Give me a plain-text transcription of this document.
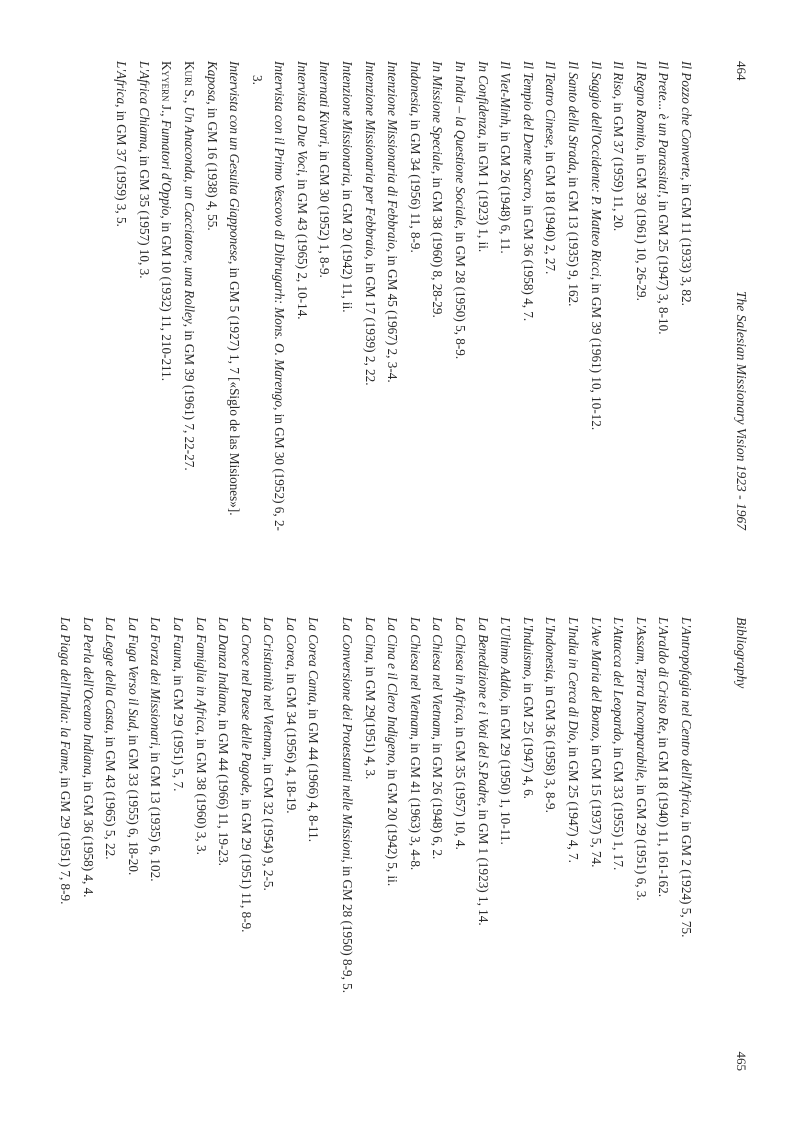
464
The Salesian Missionary Vision 1923 - 1967
Il Pozzo che Converte, in GM 11 (1933) 3, 82.
Il Prete... è un Parassita!, in GM 25 (1947) 3, 8-10.
Il Regno Romito, in GM 39 (1961) 10, 26-29.
Il Riso, in GM 37 (1959) 11, 20.
Il Saggio dell'Occidente: P. Matteo Ricci, in GM 39 (1961) 10, 10-12.
Il Santo della Strada, in GM 13 (1935) 9, 162.
Il Teatro Cinese, in GM 18 (1940) 2, 27.
Il Tempio del Dente Sacro, in GM 36 (1958) 4, 7.
Il Viet-Minh, in GM 26 (1948) 6, 11.
In Confidenza, in GM 1 (1923) 1, ii.
In India – la Questione Sociale, in GM 28 (1950) 5, 8-9.
In Missione Speciale, in GM 38 (1960) 8, 28-29.
Indonesia, in GM 34 (1956) 11, 8-9.
Intenzione Missionaria di Febbraio, in GM 45 (1967) 2, 3-4.
Intenzione Missionaria per Febbraio, in GM 17 (1939) 2, 22.
Intenzione Missionaria, in GM 20 (1942) 11, ii.
Internati Kivari, in GM 30 (1952) 1, 8-9.
Intervista a Due Voci, in GM 43 (1965) 2, 10-14.
Intervista con il Primo Vescovo di Dibrugarh: Mons. O. Marengo, in GM 30 (1952) 6, 2-3.
Intervista con un Gesuita Giapponese, in GM 5 (1927) 1, 7 [«Siglo de las Misiones»].
Kaposa, in GM 16 (1938) 4, 55.
Kuri S., Un Anaconda, un Cacciatore, una Rolley, in GM 39 (1961) 7, 22-27.
Kyyern J., Fumatori d'Oppio, in GM 10 (1932) 11, 210-211.
L'Africa Chiama, in GM 35 (1957) 10, 3.
L'Africa, in GM 37 (1959) 3, 5.
465
Bibliography
L'Antropofagia nel Centro dell'Africa, in GM 2 (1924) 5, 75.
L'Araldo di Cristo Re, in GM 18 (1940) 11, 161-162.
L'Assam, Terra Incomparabile, in GM 29 (1951) 6, 3.
L'Attacca del Leopardo, in GM 33 (1955) 1, 17.
L'Ave Maria del Bonzo, in GM 15 (1937) 5, 74.
L'India in Cerca di Dio, in GM 25 (1947) 4, 7.
L'Indonesia, in GM 36 (1958) 3, 8-9.
L'Induismo, in GM 25 (1947) 4, 6.
L'Ultimo Addio, in GM 29 (1950) 1, 10-11.
La Benedizione e i Voti del S.Padre, in GM 1 (1923) 1, 14.
La Chiesa in Africa, in GM 35 (1957) 10, 4.
La Chiesa nel Vietnam, in GM 26 (1948) 6, 2.
La Chiesa nel Vietnam, in GM 41 (1963) 3, 4-8.
La Cina e il Clero Indigeno, in GM 20 (1942) 5, ii.
La Cina, in GM 29(1951) 4, 3.
La Conversione dei Protestanti nelle Missioni, in GM 28 (1950) 8-9, 5.
La Corea Canta, in GM 44 (1966) 4, 8-11.
La Corea, in GM 34 (1956) 4, 18-19.
La Cristianità nel Vietnam, in GM 32 (1954) 9, 2-5.
La Croce nel Paese delle Pagode, in GM 29 (1951) 11, 8-9.
La Danza Indiana, in GM 44 (1966) 11, 19-23.
La Famiglia in Africa, in GM 38 (1960) 3, 3.
La Fauna, in GM 29 (1951) 5, 7.
La Forza dei Missionari, in GM 13 (1935) 6, 102.
La Fuga Verso il Sud, in GM 33 (1955) 6, 18-20.
La Legge della Casta, in GM 43 (1965) 5, 22.
La Perla dell'Oceano Indiana, in GM 36 (1958) 4, 4.
La Piaga dell'India: la Fame, in GM 29 (1951) 7, 8-9.
